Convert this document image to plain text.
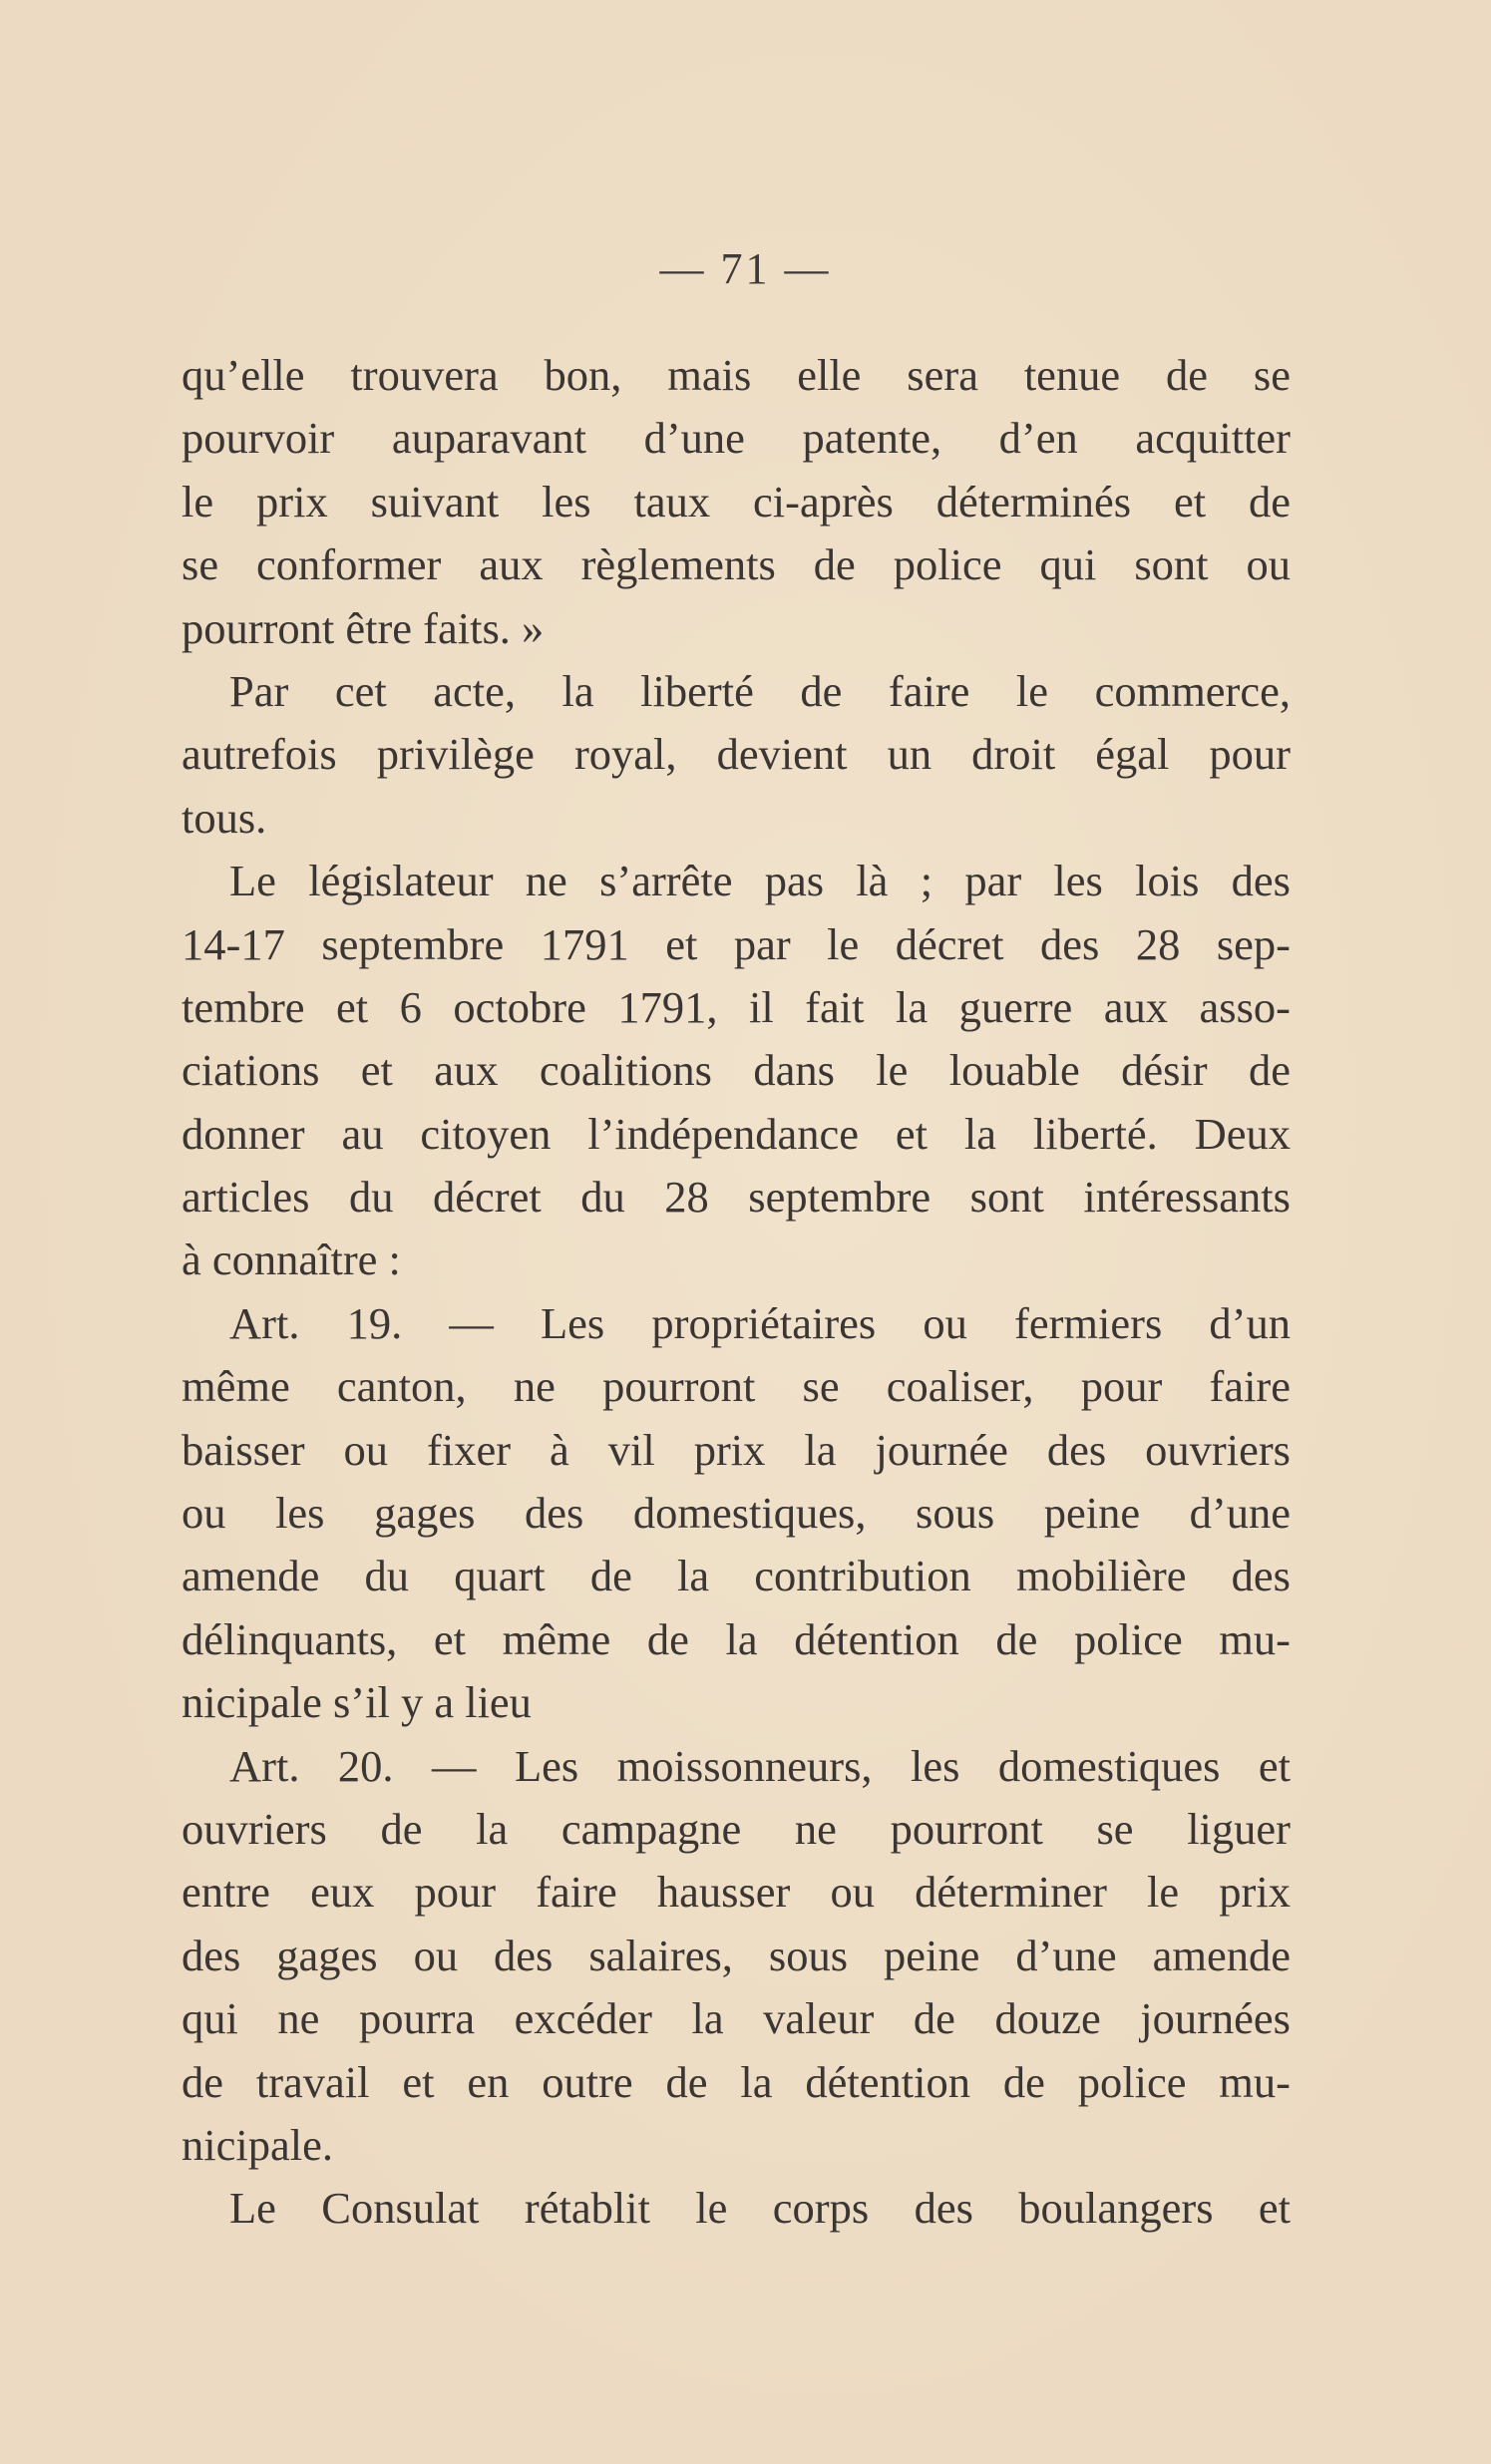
— 71 —
qu’elle trouvera bon, mais elle sera tenue de se
pourvoir auparavant d’une patente, d’en acquitter
le prix suivant les taux ci-après déterminés et de
se conformer aux règlements de police qui sont ou
pourront être faits. »
Par cet acte, la liberté de faire le commerce,
autrefois privilège royal, devient un droit égal pour
tous.
Le législateur ne s’arrête pas là ; par les lois des
14-17 septembre 1791 et par le décret des 28 sep-
tembre et 6 octobre 1791, il fait la guerre aux asso-
ciations et aux coalitions dans le louable désir de
donner au citoyen l’indépendance et la liberté. Deux
articles du décret du 28 septembre sont intéressants
à connaître :
Art. 19. — Les propriétaires ou fermiers d’un
même canton, ne pourront se coaliser, pour faire
baisser ou fixer à vil prix la journée des ouvriers
ou les gages des domestiques, sous peine d’une
amende du quart de la contribution mobilière des
délinquants, et même de la détention de police mu-
nicipale s’il y a lieu
Art. 20. — Les moissonneurs, les domestiques et
ouvriers de la campagne ne pourront se liguer
entre eux pour faire hausser ou déterminer le prix
des gages ou des salaires, sous peine d’une amende
qui ne pourra excéder la valeur de douze journées
de travail et en outre de la détention de police mu-
nicipale.
Le Consulat rétablit le corps des boulangers et
